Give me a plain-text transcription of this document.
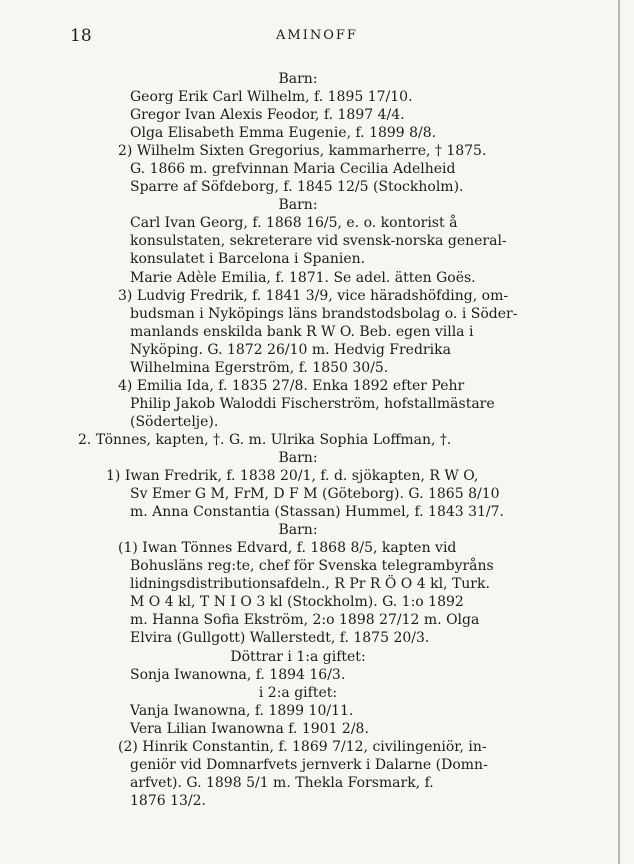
18	AMINOFF
Barn:
Georg Erik Carl Wilhelm, f. 1895 17/10.
Gregor Ivan Alexis Feodor, f. 1897 4/4.
Olga Elisabeth Emma Eugenie, f. 1899 8/8.
2) Wilhelm Sixten Gregorius, kammarherre, † 1875.
G. 1866 m. grefvinnan Maria Cecilia Adelheid
Sparre af Söfdeborg, f. 1845 12/5 (Stockholm).
Barn:
Carl Ivan Georg, f. 1868 16/5, e. o. kontorist å
konsulstaten, sekreterare vid svensk-norska general-
konsulatet i Barcelona i Spanien.
Marie Adèle Emilia, f. 1871. Se adel. ätten Goës.
3) Ludvig Fredrik, f. 1841 3/9, vice häradshöfding, om-
budsman i Nyköpings läns brandstodsbolag o. i Söder-
manlands enskilda bank R W O. Beb. egen villa i
Nyköping. G. 1872 26/10 m. Hedvig Fredrika
Wilhelmina Egerström, f. 1850 30/5.
4) Emilia Ida, f. 1835 27/8. Enka 1892 efter Pehr
Philip Jakob Waloddi Fischerström, hofstallmästare
(Södertelje).
2. Tönnes, kapten, †. G. m. Ulrika Sophia Loffman, †.
Barn:
1) Iwan Fredrik, f. 1838 20/1, f. d. sjökapten, R W O,
Sv Emer G M, FrM, D F M (Göteborg). G. 1865 8/10
m. Anna Constantia (Stassan) Hummel, f. 1843 31/7.
Barn:
(1) Iwan Tönnes Edvard, f. 1868 8/5, kapten vid
Bohusläns reg:te, chef för Svenska telegrambyråns
lidningsdistributionsafdeln., R Pr R Ö O 4 kl, Turk.
M O 4 kl, T N I O 3 kl (Stockholm). G. 1:o 1892
m. Hanna Sofia Ekström, 2:o 1898 27/12 m. Olga
Elvira (Gullgott) Wallerstedt, f. 1875 20/3.
Döttrar i 1:a giftet:
Sonja Iwanowna, f. 1894 16/3.
i 2:a giftet:
Vanja Iwanowna, f. 1899 10/11.
Vera Lilian Iwanowna f. 1901 2/8.
(2) Hinrik Constantin, f. 1869 7/12, civilingeniör, in-
geniör vid Domnarfvets jernverk i Dalarne (Domn-
arfvet). G. 1898 5/1 m. Thekla Forsmark, f.
1876 13/2.
